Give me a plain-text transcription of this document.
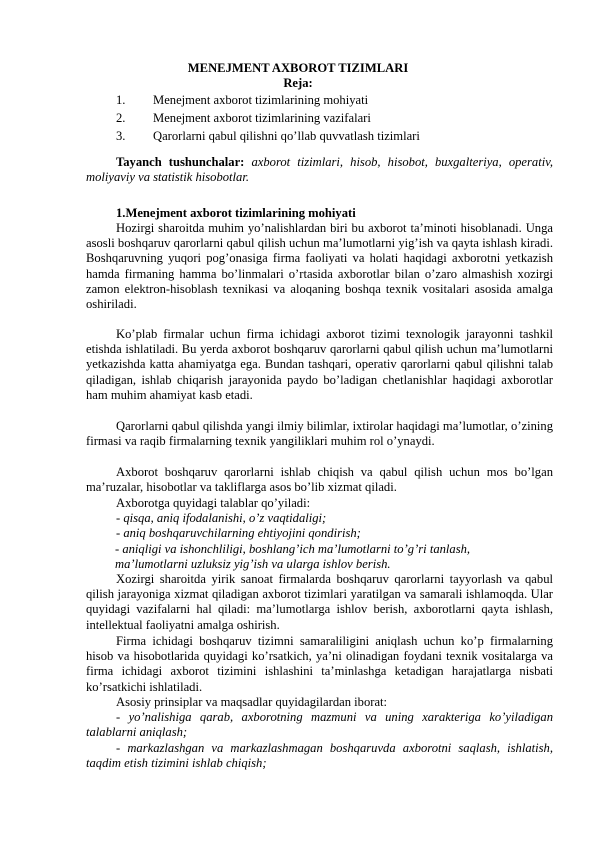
MENEJMENT AXBOROT TIZIMLARI
Reja:
1. Menejment axborot tizimlarining mohiyati
2. Menejment axborot tizimlarining vazifalari
3. Qarorlarni qabul qilishni qo’llab quvvatlash tizimlari

Tayanch tushunchalar: axborot tizimlari, hisob, hisobot, buxgalteriya, operativ, moliyaviy va statistik hisobotlar.

1.Menejment axborot tizimlarining mohiyati

Hozirgi sharoitda muhim yo’nalishlardan biri bu axborot ta’minoti hisoblanadi. Unga asosli boshqaruv qarorlarni qabul qilish uchun ma’lumotlarni yig’ish va qayta ishlash kiradi. Boshqaruvning yuqori pog’onasiga firma faoliyati va holati haqidagi axborotni yetkazish hamda firmaning hamma bo’linmalari o’rtasida axborotlar bilan o’zaro almashish xozirgi zamon elektron-hisoblash texnikasi va aloqaning boshqa texnik vositalari asosida amalga oshiriladi.

Ko’plab firmalar uchun firma ichidagi axborot tizimi texnologik jarayonni tashkil etishda ishlatiladi. Bu yerda axborot boshqaruv qarorlarni qabul qilish uchun ma’lumotlarni yetkazishda katta ahamiyatga ega. Bundan tashqari, operativ qarorlarni qabul qilishni talab qiladigan, ishlab chiqarish jarayonida paydo bo’ladigan chetlanishlar haqidagi axborotlar ham muhim ahamiyat kasb etadi.

Qarorlarni qabul qilishda yangi ilmiy bilimlar, ixtirolar haqidagi ma’lumotlar, o’zining firmasi va raqib firmalarning texnik yangiliklari muhim rol o’ynaydi.

Axborot boshqaruv qarorlarni ishlab chiqish va qabul qilish uchun mos bo’lgan ma’ruzalar, hisobotlar va takliflarga asos bo’lib xizmat qiladi.

Axborotga quyidagi talablar qo’yiladi:

- qisqa, aniq ifodalanishi, o’z vaqtidaligi;

- aniq boshqaruvchilarning ehtiyojini qondirish;

- aniqligi va ishonchliligi, boshlang’ich ma’lumotlarni to’g’ri tanlash,

ma’lumotlarni uzluksiz yig’ish va ularga ishlov berish.

Xozirgi sharoitda yirik sanoat firmalarda boshqaruv qarorlarni tayyorlash va qabul qilish jarayoniga xizmat qiladigan axborot tizimlari yaratilgan va samarali ishlamoqda. Ular quyidagi vazifalarni hal qiladi: ma’lumotlarga ishlov berish, axborotlarni qayta ishlash, intellektual faoliyatni amalga oshirish.

Firma ichidagi boshqaruv tizimni samaraliligini aniqlash uchun ko’p firmalarning hisob va hisobotlarida quyidagi ko’rsatkich, ya’ni olinadigan foydani texnik vositalarga va firma ichidagi axborot tizimini ishlashini ta’minlashga ketadigan harajatlarga nisbati ko’rsatkichi ishlatiladi.

Asosiy prinsiplar va maqsadlar quyidagilardan iborat:

- yo’nalishiga qarab, axborotning mazmuni va uning xarakteriga ko’yiladigan talablarni aniqlash;

- markazlashgan va markazlashmagan boshqaruvda axborotni saqlash, ishlatish, taqdim etish tizimini ishlab chiqish;
